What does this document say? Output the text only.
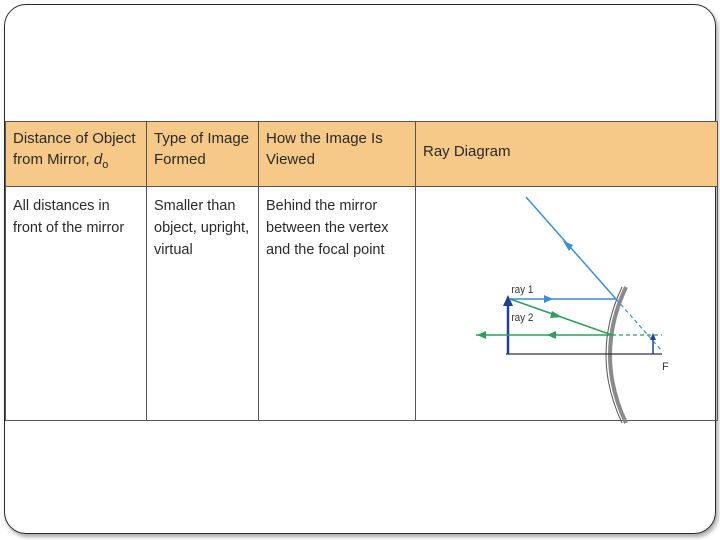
Distance of Object from Mirror, $d_o$	Type of Image Formed	How the Image Is Viewed	Ray Diagram
All distances in front of the mirror	Smaller than object, upright, virtual	Behind the mirror between the vertex and the focal point	ray 1
ray 2
F
